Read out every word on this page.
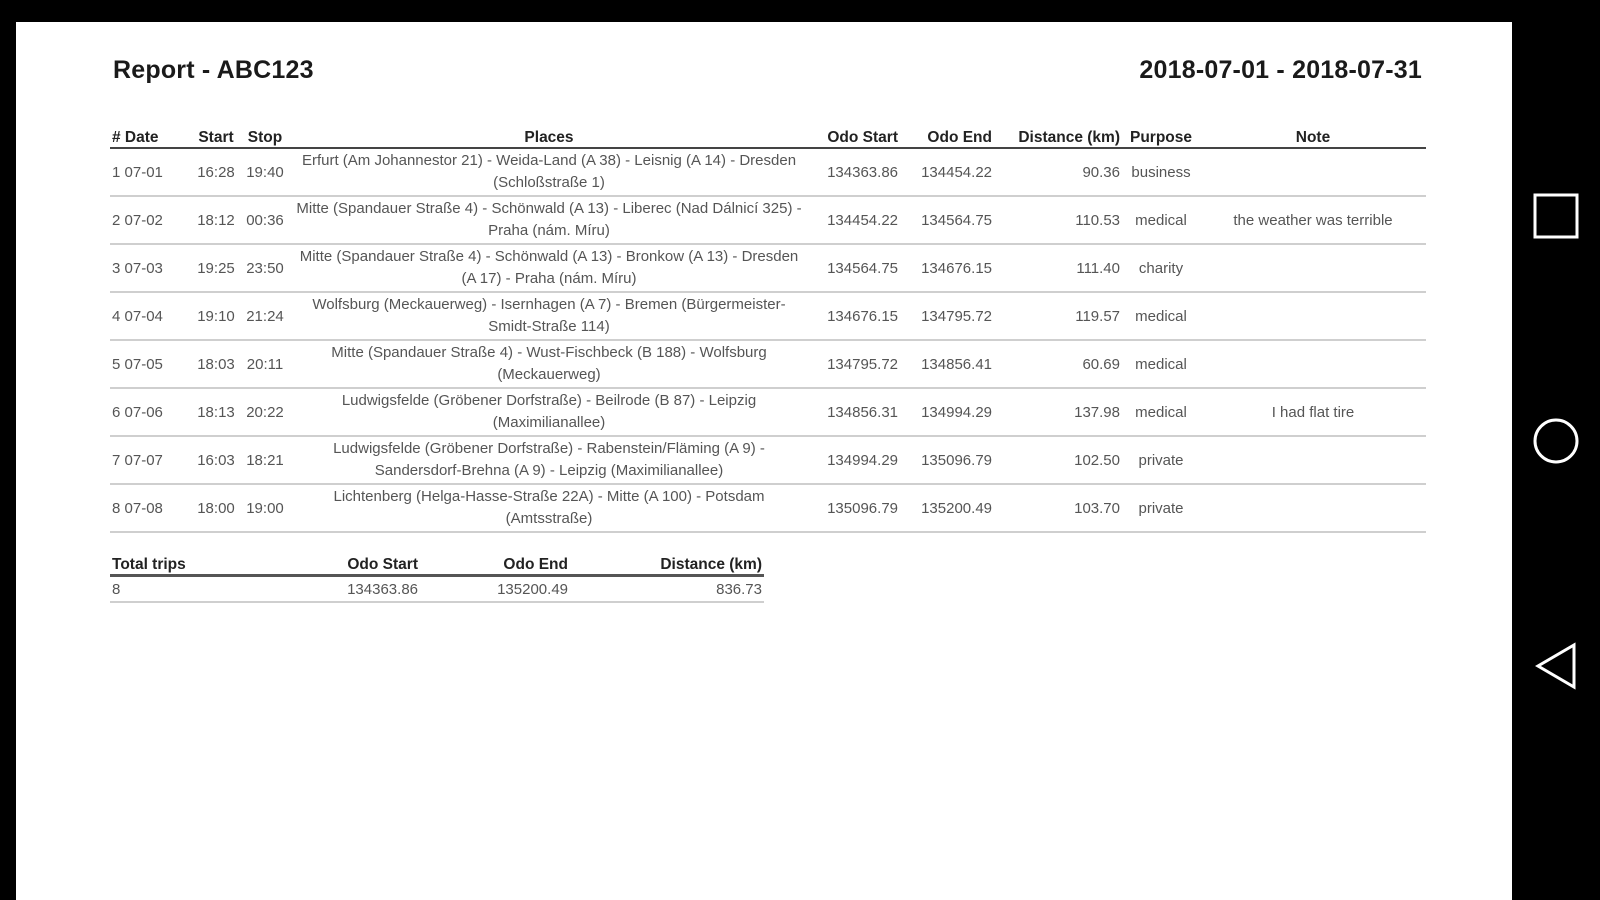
Report - ABC123	2018-07-01 - 2018-07-31
# Date	Start	Stop	Places	Odo Start	Odo End	Distance (km)	Purpose	Note
1 07-01	16:28	19:40	Erfurt (Am Johannestor 21) - Weida-Land (A 38) - Leisnig (A 14) - Dresden (Schloßstraße 1)	134363.86	134454.22	90.36	business	
2 07-02	18:12	00:36	Mitte (Spandauer Straße 4) - Schönwald (A 13) - Liberec (Nad Dálnicí 325) - Praha (nám. Míru)	134454.22	134564.75	110.53	medical	the weather was terrible
3 07-03	19:25	23:50	Mitte (Spandauer Straße 4) - Schönwald (A 13) - Bronkow (A 13) - Dresden (A 17) - Praha (nám. Míru)	134564.75	134676.15	111.40	charity	
4 07-04	19:10	21:24	Wolfsburg (Meckauerweg) - Isernhagen (A 7) - Bremen (Bürgermeister-Smidt-Straße 114)	134676.15	134795.72	119.57	medical	
5 07-05	18:03	20:11	Mitte (Spandauer Straße 4) - Wust-Fischbeck (B 188) - Wolfsburg (Meckauerweg)	134795.72	134856.41	60.69	medical	
6 07-06	18:13	20:22	Ludwigsfelde (Gröbener Dorfstraße) - Beilrode (B 87) - Leipzig (Maximilianallee)	134856.31	134994.29	137.98	medical	I had flat tire
7 07-07	16:03	18:21	Ludwigsfelde (Gröbener Dorfstraße) - Rabenstein/Fläming (A 9) - Sandersdorf-Brehna (A 9) - Leipzig (Maximilianallee)	134994.29	135096.79	102.50	private	
8 07-08	18:00	19:00	Lichtenberg (Helga-Hasse-Straße 22A) - Mitte (A 100) - Potsdam (Amtsstraße)	135096.79	135200.49	103.70	private	
Total trips	Odo Start	Odo End	Distance (km)
8	134363.86	135200.49	836.73
